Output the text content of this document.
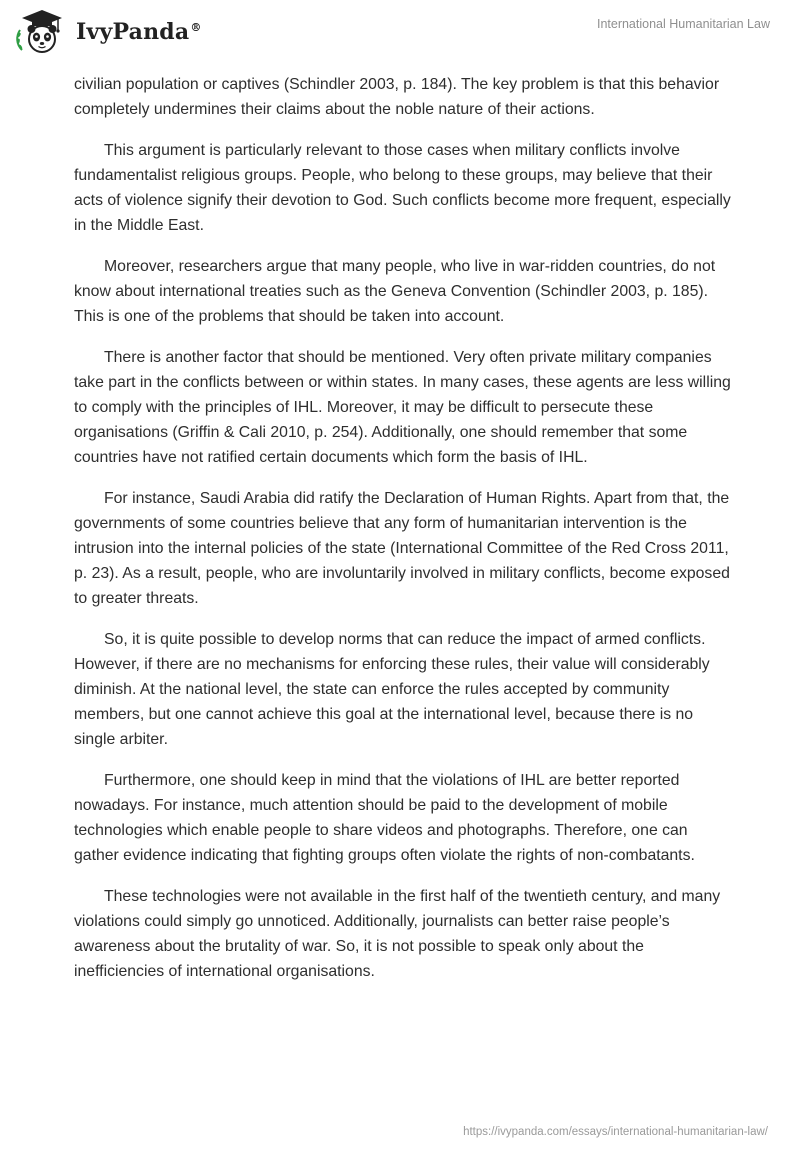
IvyPanda®	International Humanitarian Law

civilian population or captives (Schindler 2003, p. 184). The key problem is that this behavior completely undermines their claims about the noble nature of their actions.

This argument is particularly relevant to those cases when military conflicts involve fundamentalist religious groups. People, who belong to these groups, may believe that their acts of violence signify their devotion to God. Such conflicts become more frequent, especially in the Middle East.

Moreover, researchers argue that many people, who live in war-ridden countries, do not know about international treaties such as the Geneva Convention (Schindler 2003, p. 185). This is one of the problems that should be taken into account.

There is another factor that should be mentioned. Very often private military companies take part in the conflicts between or within states. In many cases, these agents are less willing to comply with the principles of IHL. Moreover, it may be difficult to persecute these organisations (Griffin & Cali 2010, p. 254). Additionally, one should remember that some countries have not ratified certain documents which form the basis of IHL.

For instance, Saudi Arabia did ratify the Declaration of Human Rights. Apart from that, the governments of some countries believe that any form of humanitarian intervention is the intrusion into the internal policies of the state (International Committee of the Red Cross 2011, p. 23). As a result, people, who are involuntarily involved in military conflicts, become exposed to greater threats.

So, it is quite possible to develop norms that can reduce the impact of armed conflicts. However, if there are no mechanisms for enforcing these rules, their value will considerably diminish. At the national level, the state can enforce the rules accepted by community members, but one cannot achieve this goal at the international level, because there is no single arbiter.

Furthermore, one should keep in mind that the violations of IHL are better reported nowadays. For instance, much attention should be paid to the development of mobile technologies which enable people to share videos and photographs. Therefore, one can gather evidence indicating that fighting groups often violate the rights of non-combatants.

These technologies were not available in the first half of the twentieth century, and many violations could simply go unnoticed. Additionally, journalists can better raise people’s awareness about the brutality of war. So, it is not possible to speak only about the inefficiencies of international organisations.

https://ivypanda.com/essays/international-humanitarian-law/
